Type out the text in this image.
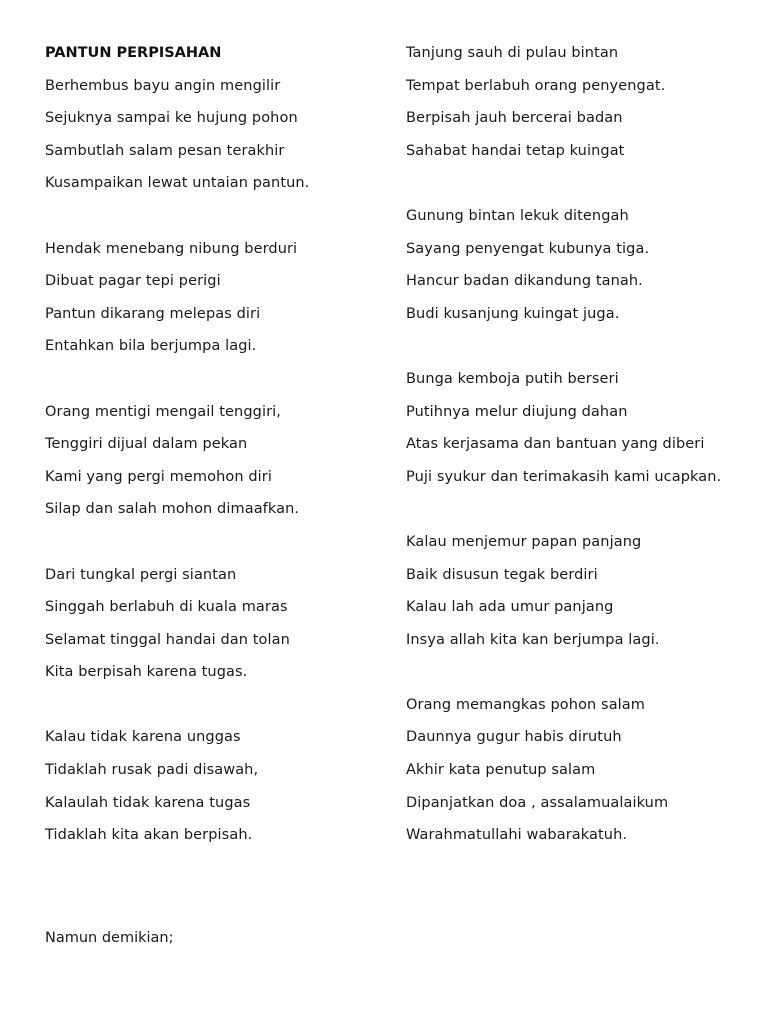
PANTUN PERPISAHAN
Berhembus bayu angin mengilir
Sejuknya sampai ke hujung pohon
Sambutlah salam pesan terakhir
Kusampaikan lewat untaian pantun.
Hendak menebang nibung berduri
Dibuat pagar tepi perigi
Pantun dikarang melepas diri
Entahkan bila berjumpa lagi.
Orang mentigi mengail tenggiri,
Tenggiri dijual dalam pekan
Kami yang pergi memohon diri
Silap dan salah mohon dimaafkan.
Dari tungkal pergi siantan
Singgah berlabuh di kuala maras
Selamat tinggal handai dan tolan
Kita berpisah karena tugas.
Kalau tidak karena unggas
Tidaklah rusak padi disawah,
Kalaulah tidak karena tugas
Tidaklah kita akan berpisah.
Tanjung sauh di pulau bintan
Tempat berlabuh orang penyengat.
Berpisah jauh bercerai badan
Sahabat handai tetap kuingat
Gunung bintan lekuk ditengah
Sayang penyengat kubunya tiga.
Hancur badan dikandung tanah.
Budi kusanjung kuingat juga.
Bunga kemboja putih berseri
Putihnya melur diujung dahan
Atas kerjasama dan bantuan yang diberi
Puji syukur dan terimakasih kami ucapkan.
Kalau menjemur papan panjang
Baik disusun tegak berdiri
Kalau lah ada umur panjang
Insya allah kita kan berjumpa lagi.
Orang memangkas pohon salam
Daunnya gugur habis dirutuh
Akhir kata penutup salam
Dipanjatkan doa , assalamualaikum
Warahmatullahi wabarakatuh.
Namun demikian;
